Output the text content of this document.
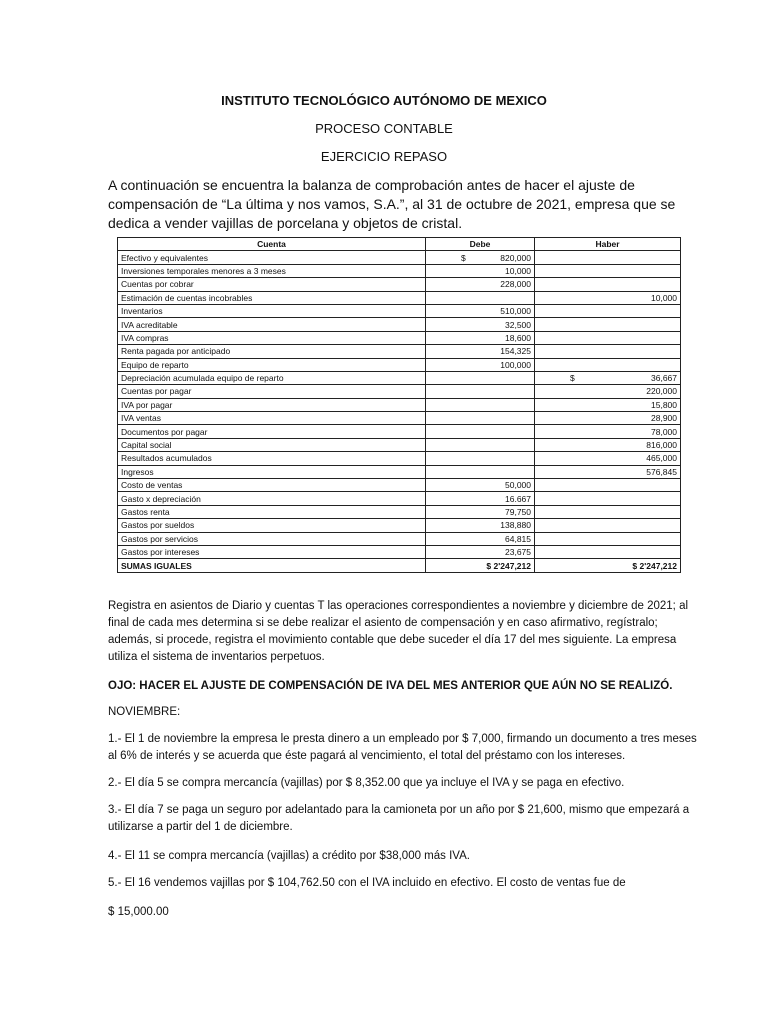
INSTITUTO TECNOLÓGICO AUTÓNOMO DE MEXICO
PROCESO CONTABLE
EJERCICIO REPASO

A continuación se encuentra la balanza de comprobación antes de hacer el ajuste de compensación de “La última y nos vamos, S.A.”, al 31 de octubre de 2021, empresa que se dedica a vender vajillas de porcelana y objetos de cristal.

Cuenta	Debe	Haber
Efectivo y equivalentes	$ 820,000	

Inversiones temporales menores a 3 meses	10,000	

Cuentas por cobrar	228,000	

Estimación de cuentas incobrables		10,000
Inventarios	510,000	

IVA acreditable	32,500	

IVA compras	18,600	

Renta pagada por anticipado	154,325	

Equipo de reparto	100,000	

Depreciación acumulada equipo de reparto		$ 36,667
Cuentas por pagar		220,000
IVA por pagar		15,800
IVA ventas		28,900
Documentos por pagar		78,000
Capital social		816,000
Resultados acumulados		465,000
Ingresos		576,845
Costo de ventas	50,000	

Gasto x depreciación	16.667	

Gastos renta	79,750	

Gastos por sueldos	138,880	

Gastos por servicios	64,815	

Gastos por intereses	23,675	

SUMAS IGUALES	$ 2'247,212	$ 2'247,212

Registra en asientos de Diario y cuentas T las operaciones correspondientes a noviembre y diciembre de 2021; al final de cada mes determina si se debe realizar el asiento de compensación y en caso afirmativo, regístralo; además, si procede, registra el movimiento contable que debe suceder el día 17 del mes siguiente. La empresa utiliza el sistema de inventarios perpetuos.

OJO: HACER EL AJUSTE DE COMPENSACIÓN DE IVA DEL MES ANTERIOR QUE AÚN NO SE REALIZÓ.

NOVIEMBRE:

1.- El 1 de noviembre la empresa le presta dinero a un empleado por $ 7,000, firmando un documento a tres meses al 6% de interés y se acuerda que éste pagará al vencimiento, el total del préstamo con los intereses.

2.- El día 5 se compra mercancía (vajillas) por $ 8,352.00 que ya incluye el IVA y se paga en efectivo.

3.- El día 7 se paga un seguro por adelantado para la camioneta por un año por $ 21,600, mismo que empezará a utilizarse a partir del 1 de diciembre.

4.- El 11 se compra mercancía (vajillas) a crédito por $38,000 más IVA.

5.- El 16 vendemos vajillas por $ 104,762.50 con el IVA incluido en efectivo. El costo de ventas fue de

$ 15,000.00
